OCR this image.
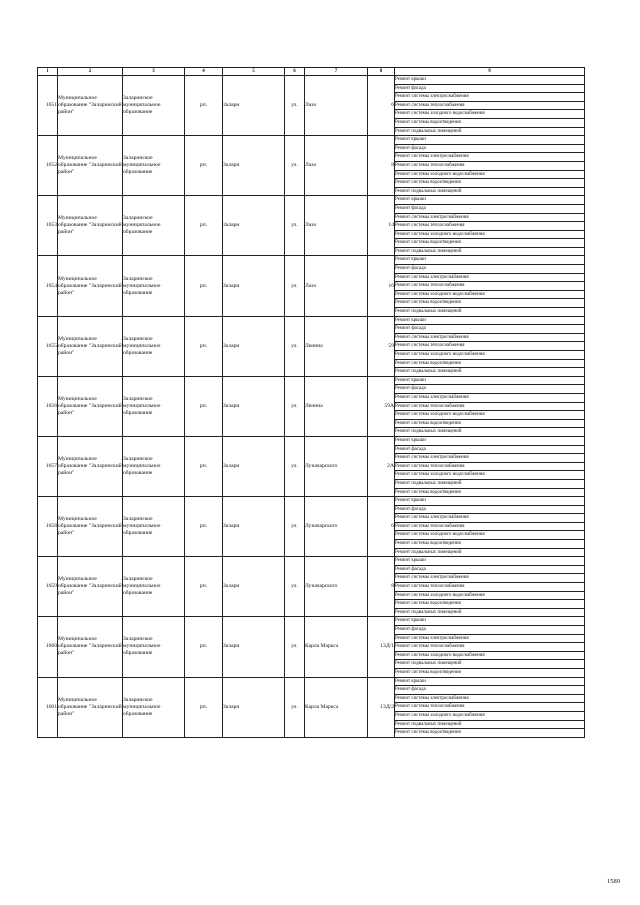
1	2	3	4	5	6	7	8	9
1651	Муниципальное образование "Заларинский район"	Заларинское муниципальное образование	рп.	Залари	ул.	Лазо	6	Ремонт крыши
								Ремонт фасада
								Ремонт системы электроснабжения
								Ремонт системы теплоснабжения
								Ремонт системы холодного водоснабжения
								Ремонт системы водоотведения
								Ремонт подвальных помещений
1652	Муниципальное образование "Заларинский район"	Заларинское муниципальное образование	рп.	Залари	ул.	Лазо	8	Ремонт крыши
								Ремонт фасада
								Ремонт системы электроснабжения
								Ремонт системы теплоснабжения
								Ремонт системы холодного водоснабжения
								Ремонт системы водоотведения
								Ремонт подвальных помещений
1653	Муниципальное образование "Заларинский район"	Заларинское муниципальное образование	рп.	Залари	ул.	Лазо	14	Ремонт крыши
								Ремонт фасада
								Ремонт системы электроснабжения
								Ремонт системы теплоснабжения
								Ремонт системы холодного водоснабжения
								Ремонт системы водоотведения
								Ремонт подвальных помещений
1654	Муниципальное образование "Заларинский район"	Заларинское муниципальное образование	рп.	Залари	ул.	Лазо	16	Ремонт крыши
								Ремонт фасада
								Ремонт системы электроснабжения
								Ремонт системы теплоснабжения
								Ремонт системы холодного водоснабжения
								Ремонт системы водоотведения
								Ремонт подвальных помещений
1655	Муниципальное образование "Заларинский район"	Заларинское муниципальное образование	рп.	Залари	ул.	Ленина	59	Ремонт крыши
								Ремонт фасада
								Ремонт системы электроснабжения
								Ремонт системы теплоснабжения
								Ремонт системы холодного водоснабжения
								Ремонт системы водоотведения
								Ремонт подвальных помещений
1656	Муниципальное образование "Заларинский район"	Заларинское муниципальное образование	рп.	Залари	ул.	Ленина	59А	Ремонт крыши
								Ремонт фасада
								Ремонт системы электроснабжения
								Ремонт системы теплоснабжения
								Ремонт системы холодного водоснабжения
								Ремонт системы водоотведения
								Ремонт подвальных помещений
1657	Муниципальное образование "Заларинский район"	Заларинское муниципальное образование	рп.	Залари	ул.	Луначарского	2А	Ремонт крыши
								Ремонт фасада
								Ремонт системы электроснабжения
								Ремонт системы теплоснабжения
								Ремонт системы холодного водоснабжения
								Ремонт подвальных помещений
								Ремонт системы водоотведения
1658	Муниципальное образование "Заларинский район"	Заларинское муниципальное образование	рп.	Залари	ул.	Луначарского	6	Ремонт крыши
								Ремонт фасада
								Ремонт системы электроснабжения
								Ремонт системы теплоснабжения
								Ремонт системы холодного водоснабжения
								Ремонт системы водоотведения
								Ремонт подвальных помещений
1659	Муниципальное образование "Заларинский район"	Заларинское муниципальное образование	рп.	Залари	ул.	Луначарского	8	Ремонт крыши
								Ремонт фасада
								Ремонт системы электроснабжения
								Ремонт системы теплоснабжения
								Ремонт системы холодного водоснабжения
								Ремонт системы водоотведения
								Ремонт подвальных помещений
1660	Муниципальное образование "Заларинский район"	Заларинское муниципальное образование	рп.	Залари	ул.	Карла Маркса	13Д/1	Ремонт крыши
								Ремонт фасада
								Ремонт системы электроснабжения
								Ремонт системы теплоснабжения
								Ремонт системы холодного водоснабжения
								Ремонт подвальных помещений
								Ремонт системы водоотведения
1661	Муниципальное образование "Заларинский район"	Заларинское муниципальное образование	рп.	Залари	ул.	Карла Маркса	13Д/2	Ремонт крыши
								Ремонт фасада
								Ремонт системы электроснабжения
								Ремонт системы теплоснабжения
								Ремонт системы холодного водоснабжения
								Ремонт подвальных помещений
								Ремонт системы водоотведения
1589
